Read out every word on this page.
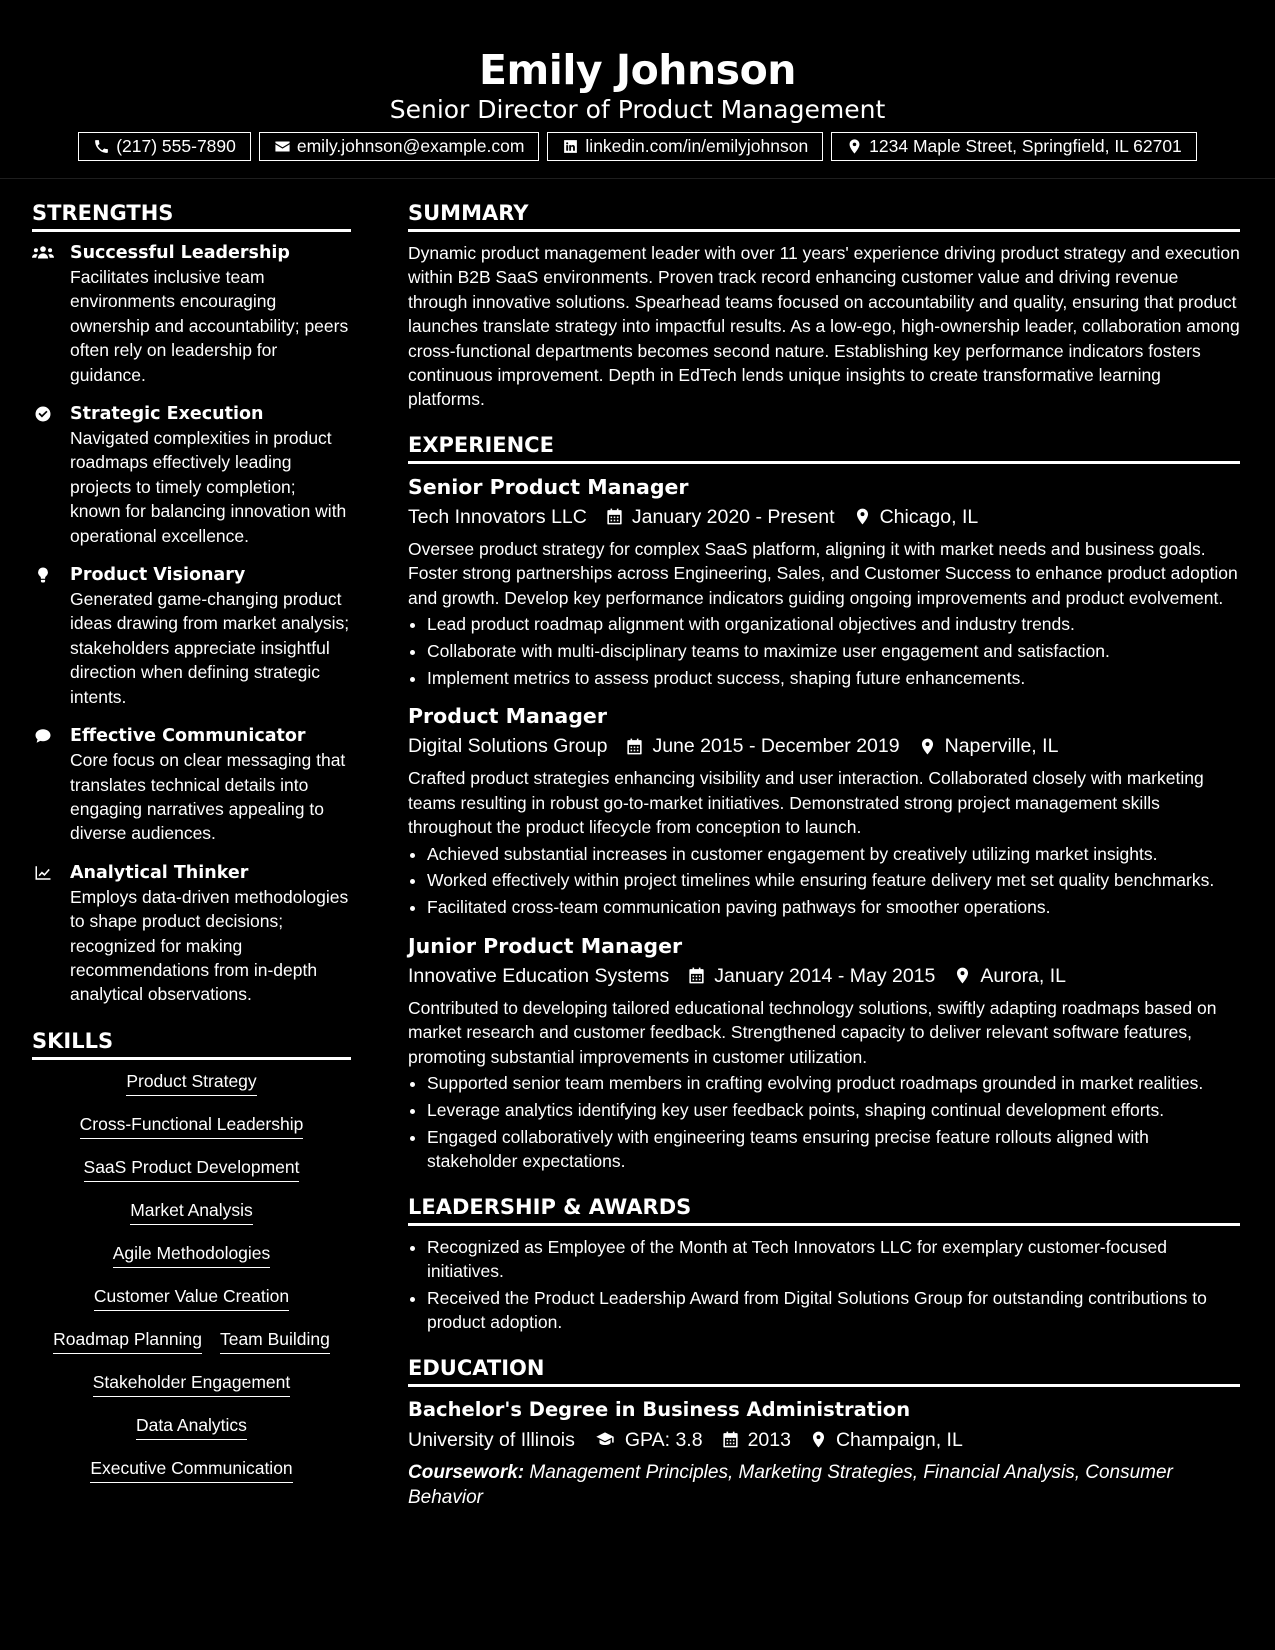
Emily Johnson
Senior Director of Product Management
(217) 555-7890	emily.johnson@example.com	linkedin.com/in/emilyjohnson	1234 Maple Street, Springfield, IL 62701
STRENGTHS
Successful Leadership
Facilitates inclusive team environments encouraging ownership and accountability; peers often rely on leadership for guidance.
Strategic Execution
Navigated complexities in product roadmaps effectively leading projects to timely completion; known for balancing innovation with operational excellence.
Product Visionary
Generated game-changing product ideas drawing from market analysis; stakeholders appreciate insightful direction when defining strategic intents.
Effective Communicator
Core focus on clear messaging that translates technical details into engaging narratives appealing to diverse audiences.
Analytical Thinker
Employs data-driven methodologies to shape product decisions; recognized for making recommendations from in-depth analytical observations.
SKILLS
Product Strategy
Cross-Functional Leadership
SaaS Product Development
Market Analysis
Agile Methodologies
Customer Value Creation
Roadmap Planning Team Building
Stakeholder Engagement
Data Analytics
Executive Communication
SUMMARY
Dynamic product management leader with over 11 years' experience driving product strategy and execution within B2B SaaS environments. Proven track record enhancing customer value and driving revenue through innovative solutions. Spearhead teams focused on accountability and quality, ensuring that product launches translate strategy into impactful results. As a low-ego, high-ownership leader, collaboration among cross-functional departments becomes second nature. Establishing key performance indicators fosters continuous improvement. Depth in EdTech lends unique insights to create transformative learning platforms.
EXPERIENCE
Senior Product Manager
Tech Innovators LLC January 2020 - Present Chicago, IL
Oversee product strategy for complex SaaS platform, aligning it with market needs and business goals. Foster strong partnerships across Engineering, Sales, and Customer Success to enhance product adoption and growth. Develop key performance indicators guiding ongoing improvements and product evolvement.
• Lead product roadmap alignment with organizational objectives and industry trends.
• Collaborate with multi-disciplinary teams to maximize user engagement and satisfaction.
• Implement metrics to assess product success, shaping future enhancements.
Product Manager
Digital Solutions Group June 2015 - December 2019 Naperville, IL
Crafted product strategies enhancing visibility and user interaction. Collaborated closely with marketing teams resulting in robust go-to-market initiatives. Demonstrated strong project management skills throughout the product lifecycle from conception to launch.
• Achieved substantial increases in customer engagement by creatively utilizing market insights.
• Worked effectively within project timelines while ensuring feature delivery met set quality benchmarks.
• Facilitated cross-team communication paving pathways for smoother operations.
Junior Product Manager
Innovative Education Systems January 2014 - May 2015 Aurora, IL
Contributed to developing tailored educational technology solutions, swiftly adapting roadmaps based on market research and customer feedback. Strengthened capacity to deliver relevant software features, promoting substantial improvements in customer utilization.
• Supported senior team members in crafting evolving product roadmaps grounded in market realities.
• Leverage analytics identifying key user feedback points, shaping continual development efforts.
• Engaged collaboratively with engineering teams ensuring precise feature rollouts aligned with stakeholder expectations.
LEADERSHIP & AWARDS
• Recognized as Employee of the Month at Tech Innovators LLC for exemplary customer-focused initiatives.
• Received the Product Leadership Award from Digital Solutions Group for outstanding contributions to product adoption.
EDUCATION
Bachelor's Degree in Business Administration
University of Illinois	GPA: 3.8 2013 Champaign, IL
Coursework: Management Principles, Marketing Strategies, Financial Analysis, Consumer Behavior
